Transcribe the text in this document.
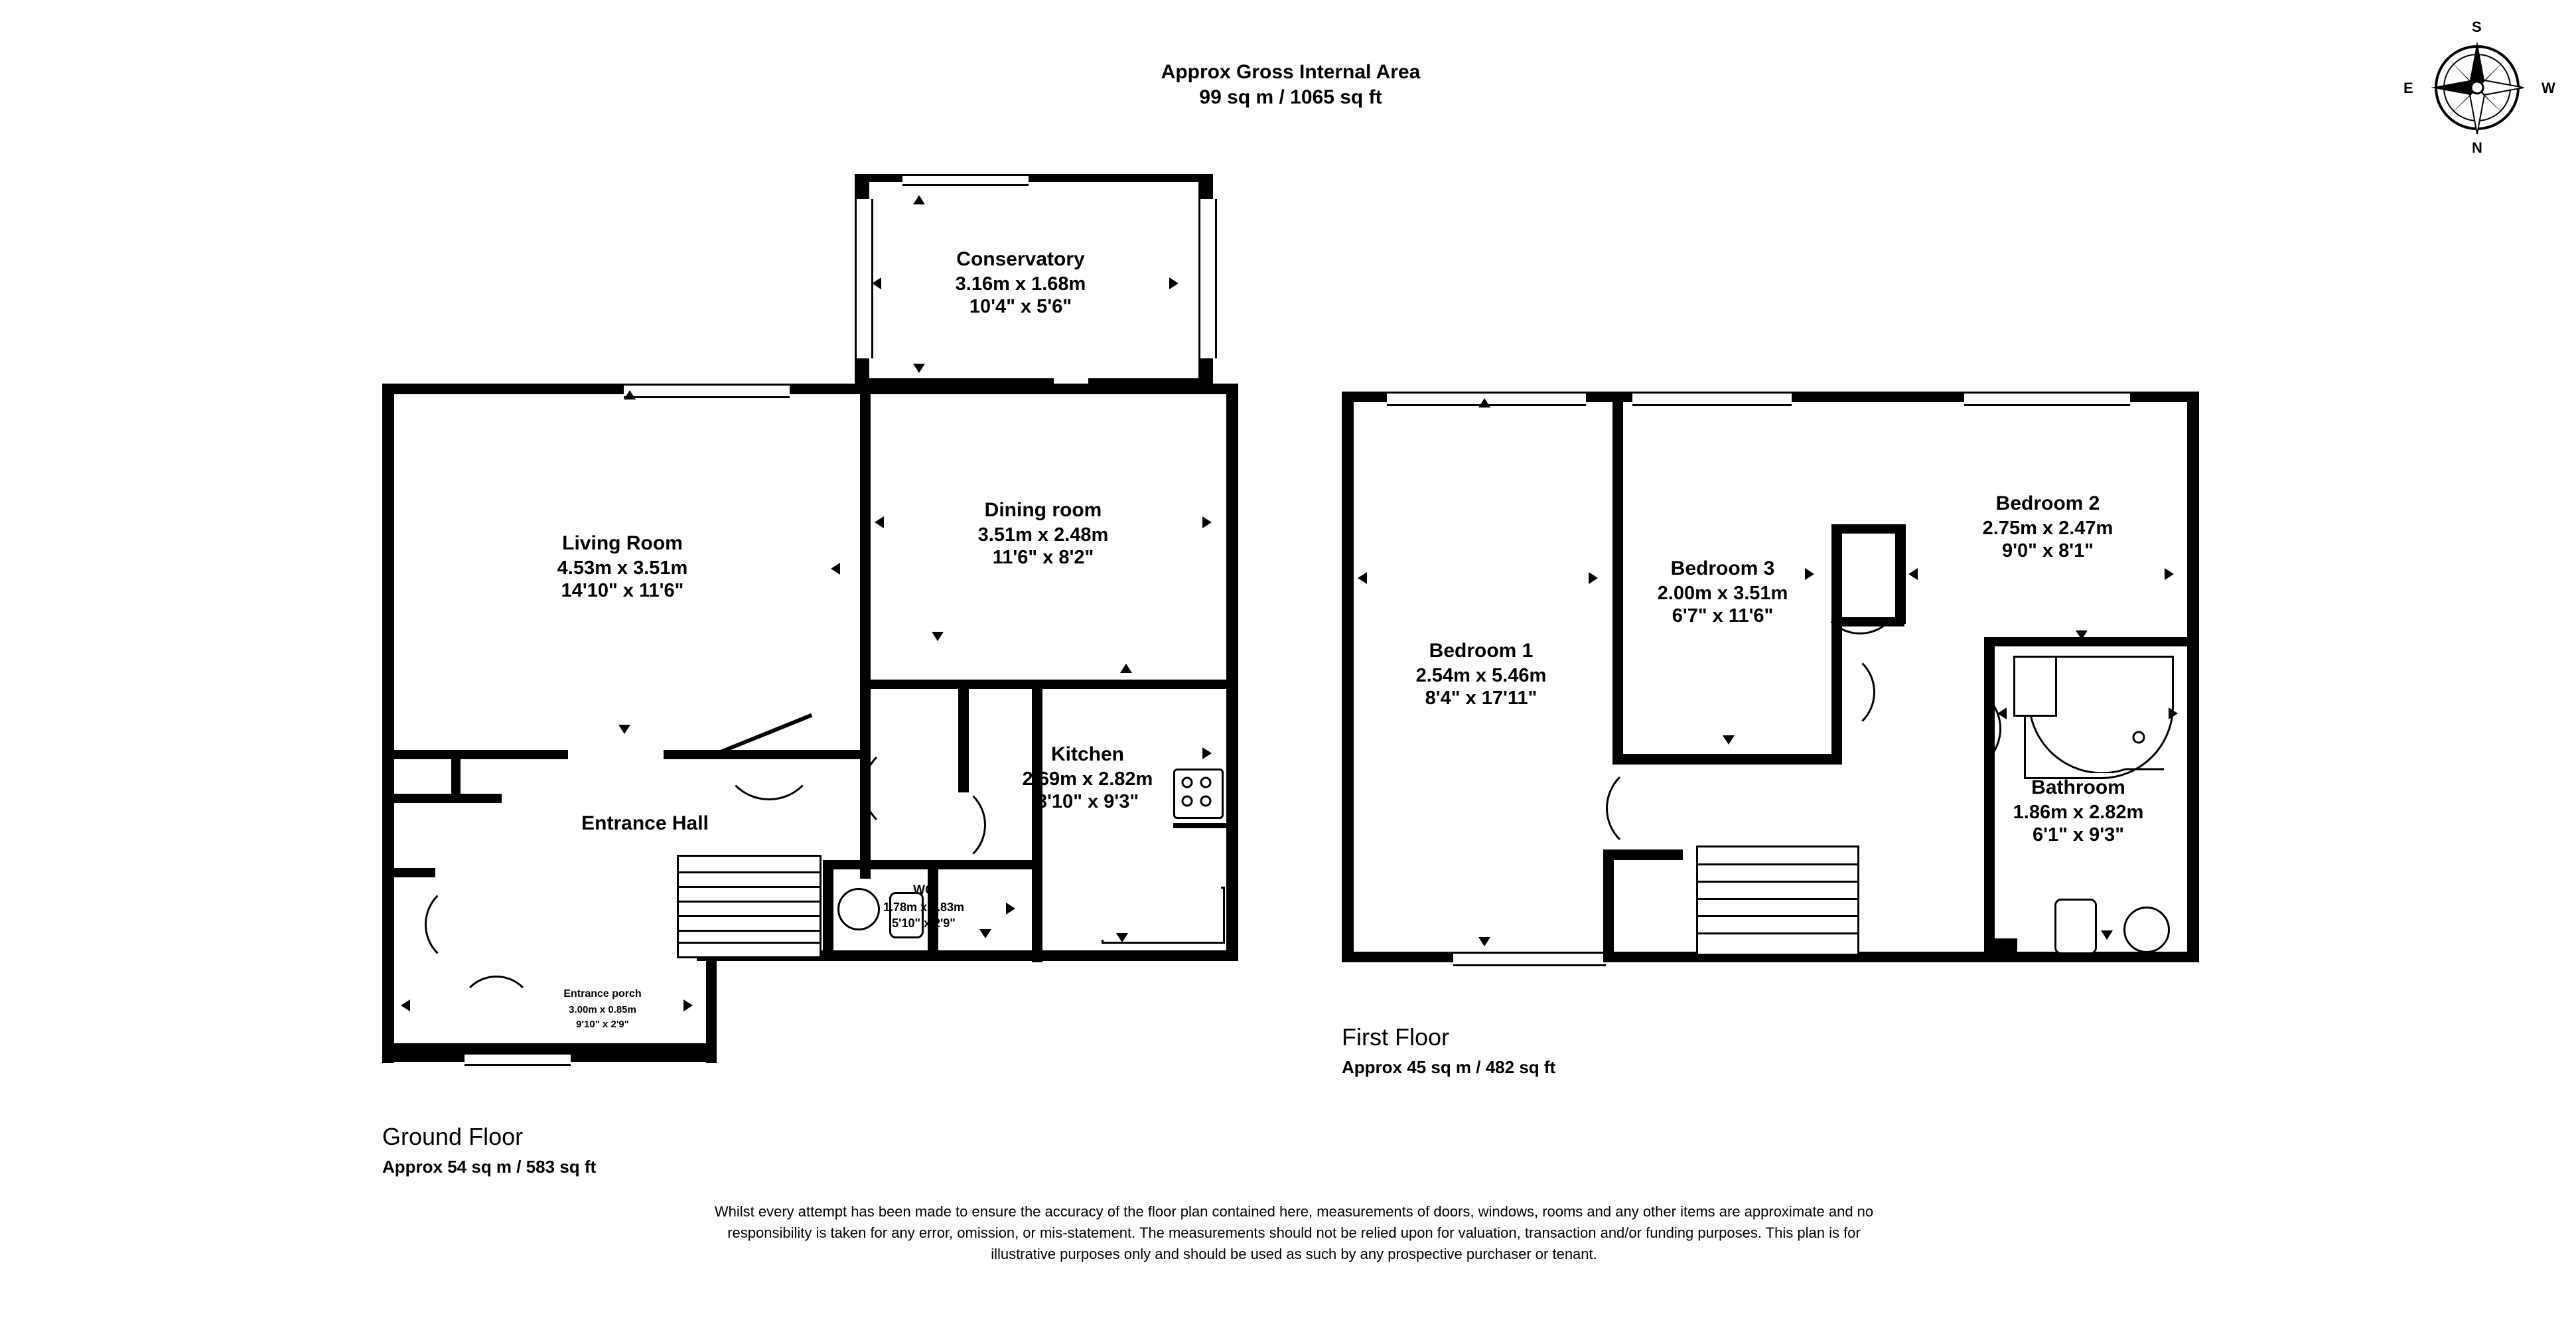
Approx Gross Internal Area
99 sq m / 1065 sq ft
S
N
E	W
Conservatory
3.16m x 1.68m
10'4" x 5'6"
Living Room
4.53m x 3.51m
14'10" x 11'6"
Dining room
3.51m x 2.48m
11'6" x 8'2"
Kitchen
2.69m x 2.82m
8'10" x 9'3"
Entrance Hall
WC
1.78m x 0.83m
5'10" x 2'9"
Entrance porch
3.00m x 0.85m
9'10" x 2'9"
Ground Floor
Approx 54 sq m / 583 sq ft
Bedroom 1
2.54m x 5.46m
8'4" x 17'11"
Bedroom 3
2.00m x 3.51m
6'7" x 11'6"
Bedroom 2
2.75m x 2.47m
9'0" x 8'1"
Bathroom
1.86m x 2.82m
6'1" x 9'3"
First Floor
Approx 45 sq m / 482 sq ft
Whilst every attempt has been made to ensure the accuracy of the floor plan contained here, measurements of doors, windows, rooms and any other items are approximate and no responsibility is taken for any error, omission, or mis-statement. The measurements should not be relied upon for valuation, transaction and/or funding purposes. This plan is for illustrative purposes only and should be used as such by any prospective purchaser or tenant.
